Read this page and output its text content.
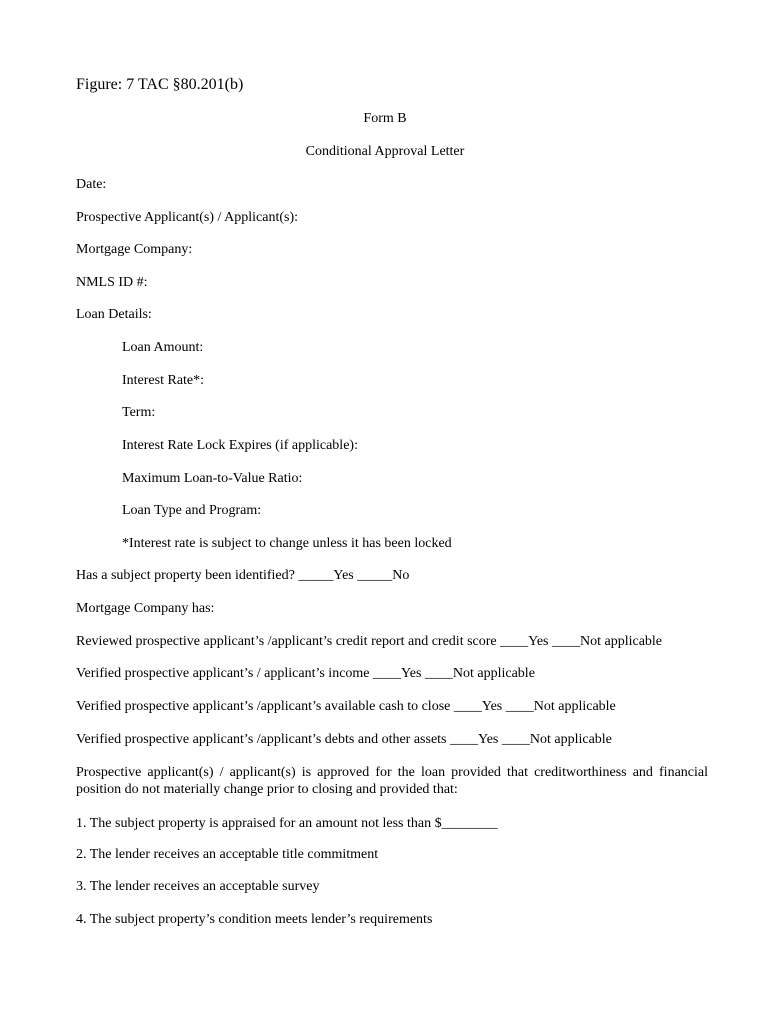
Figure: 7 TAC §80.201(b)

Form B

Conditional Approval Letter

Date:

Prospective Applicant(s) / Applicant(s):

Mortgage Company:

NMLS ID #:

Loan Details:

Loan Amount:

Interest Rate*:

Term:

Interest Rate Lock Expires (if applicable):

Maximum Loan-to-Value Ratio:

Loan Type and Program:

*Interest rate is subject to change unless it has been locked

Has a subject property been identified? _____Yes _____No

Mortgage Company has:

Reviewed prospective applicant’s /applicant’s credit report and credit score ____Yes ____Not applicable

Verified prospective applicant’s / applicant’s income ____Yes ____Not applicable

Verified prospective applicant’s /applicant’s available cash to close ____Yes ____Not applicable

Verified prospective applicant’s /applicant’s debts and other assets ____Yes ____Not applicable

Prospective applicant(s) / applicant(s) is approved for the loan provided that creditworthiness and financial position do not materially change prior to closing and provided that:

1. The subject property is appraised for an amount not less than $________

2. The lender receives an acceptable title commitment

3. The lender receives an acceptable survey

4. The subject property’s condition meets lender’s requirements
